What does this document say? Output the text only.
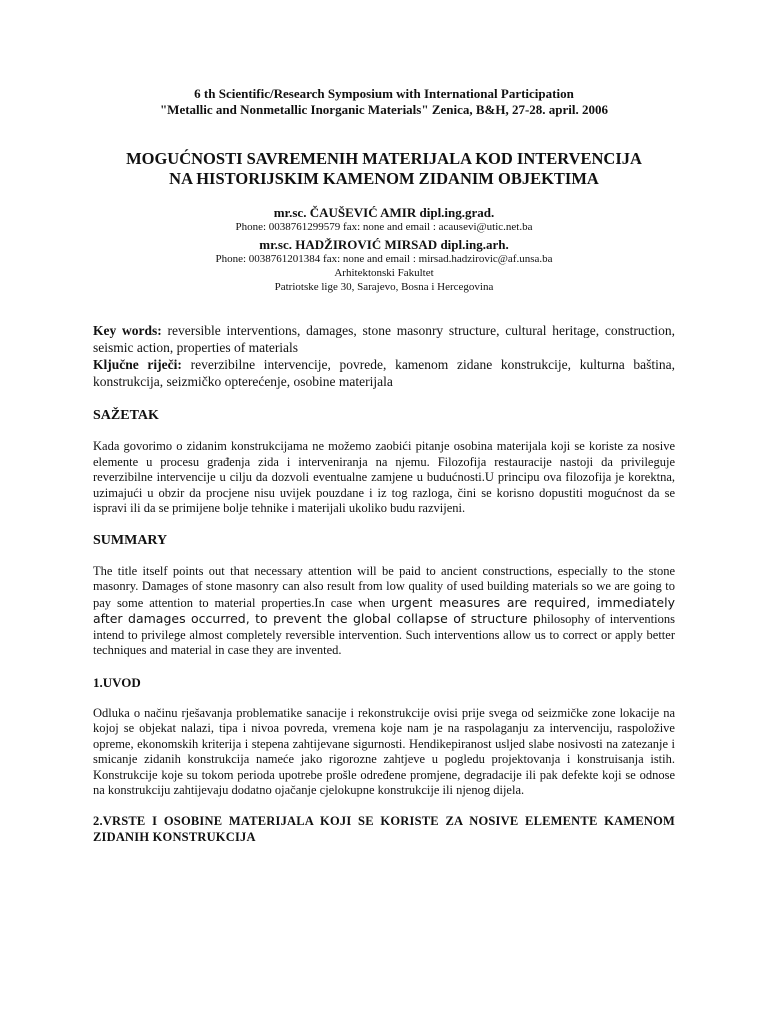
6 th Scientific/Research Symposium with International Participation

"Metallic and Nonmetallic Inorganic Materials" Zenica, B&H, 27-28. april. 2006

MOGUĆNOSTI SAVREMENIH MATERIJALA KOD INTERVENCIJA
NA HISTORIJSKIM KAMENOM ZIDANIM OBJEKTIMA

mr.sc. ČAUŠEVIĆ AMIR dipl.ing.grad.

Phone: 0038761299579 fax: none and email : acausevi@utic.net.ba

mr.sc. HADŽIROVIĆ MIRSAD dipl.ing.arh.

Phone: 0038761201384 fax: none and email : mirsad.hadzirovic@af.unsa.ba

Arhitektonski Fakultet

Patriotske lige 30, Sarajevo, Bosna i Hercegovina

Key words: reversible interventions, damages, stone masonry structure, cultural heritage, construction, seismic action, properties of materials
Ključne riječi: reverzibilne intervencije, povrede, kamenom zidane konstrukcije, kulturna baština, konstrukcija, seizmičko opterećenje, osobine materijala

SAŽETAK

Kada govorimo o zidanim konstrukcijama ne možemo zaobići pitanje osobina materijala koji se koriste za nosive elemente u procesu građenja zida i interveniranja na njemu. Filozofija restauracije nastoji da privileguje reverzibilne intervencije u cilju da dozvoli eventualne zamjene u budućnosti.U principu ova filozofija je korektna, uzimajući u obzir da procjene nisu uvijek pouzdane i iz tog razloga, čini se korisno dopustiti mogućnost da se ispravi ili da se primijene bolje tehnike i materijali ukoliko budu razvijeni.

SUMMARY

The title itself points out that necessary attention will be paid to ancient constructions, especially to the stone masonry. Damages of stone masonry can also result from low quality of used building materials so we are going to pay some attention to material properties.In case when urgent measures are required, immediately after damages occurred, to prevent the global collapse of structure philosophy of interventions intend to privilege almost completely reversible intervention. Such interventions allow us to correct or apply better techniques and material in case they are invented.

1.UVOD

Odluka o načinu rješavanja problematike sanacije i rekonstrukcije ovisi prije svega od seizmičke zone lokacije na kojoj se objekat nalazi, tipa i nivoa povreda, vremena koje nam je na raspolaganju za intervenciju, raspoložive opreme, ekonomskih kriterija i stepena zahtijevane sigurnosti. Hendikepiranost usljed slabe nosivosti na zatezanje i smicanje zidanih konstrukcija nameće jako rigorozne zahtjeve u pogledu projektovanja i konstruisanja istih. Konstrukcije koje su tokom perioda upotrebe prošle određene promjene, degradacije ili pak defekte koji se odnose na konstrukciju zahtijevaju dodatno ojačanje cjelokupne konstrukcije ili njenog dijela.

2.VRSTE I OSOBINE MATERIJALA KOJI SE KORISTE ZA NOSIVE ELEMENTE KAMENOM ZIDANIH KONSTRUKCIJA
